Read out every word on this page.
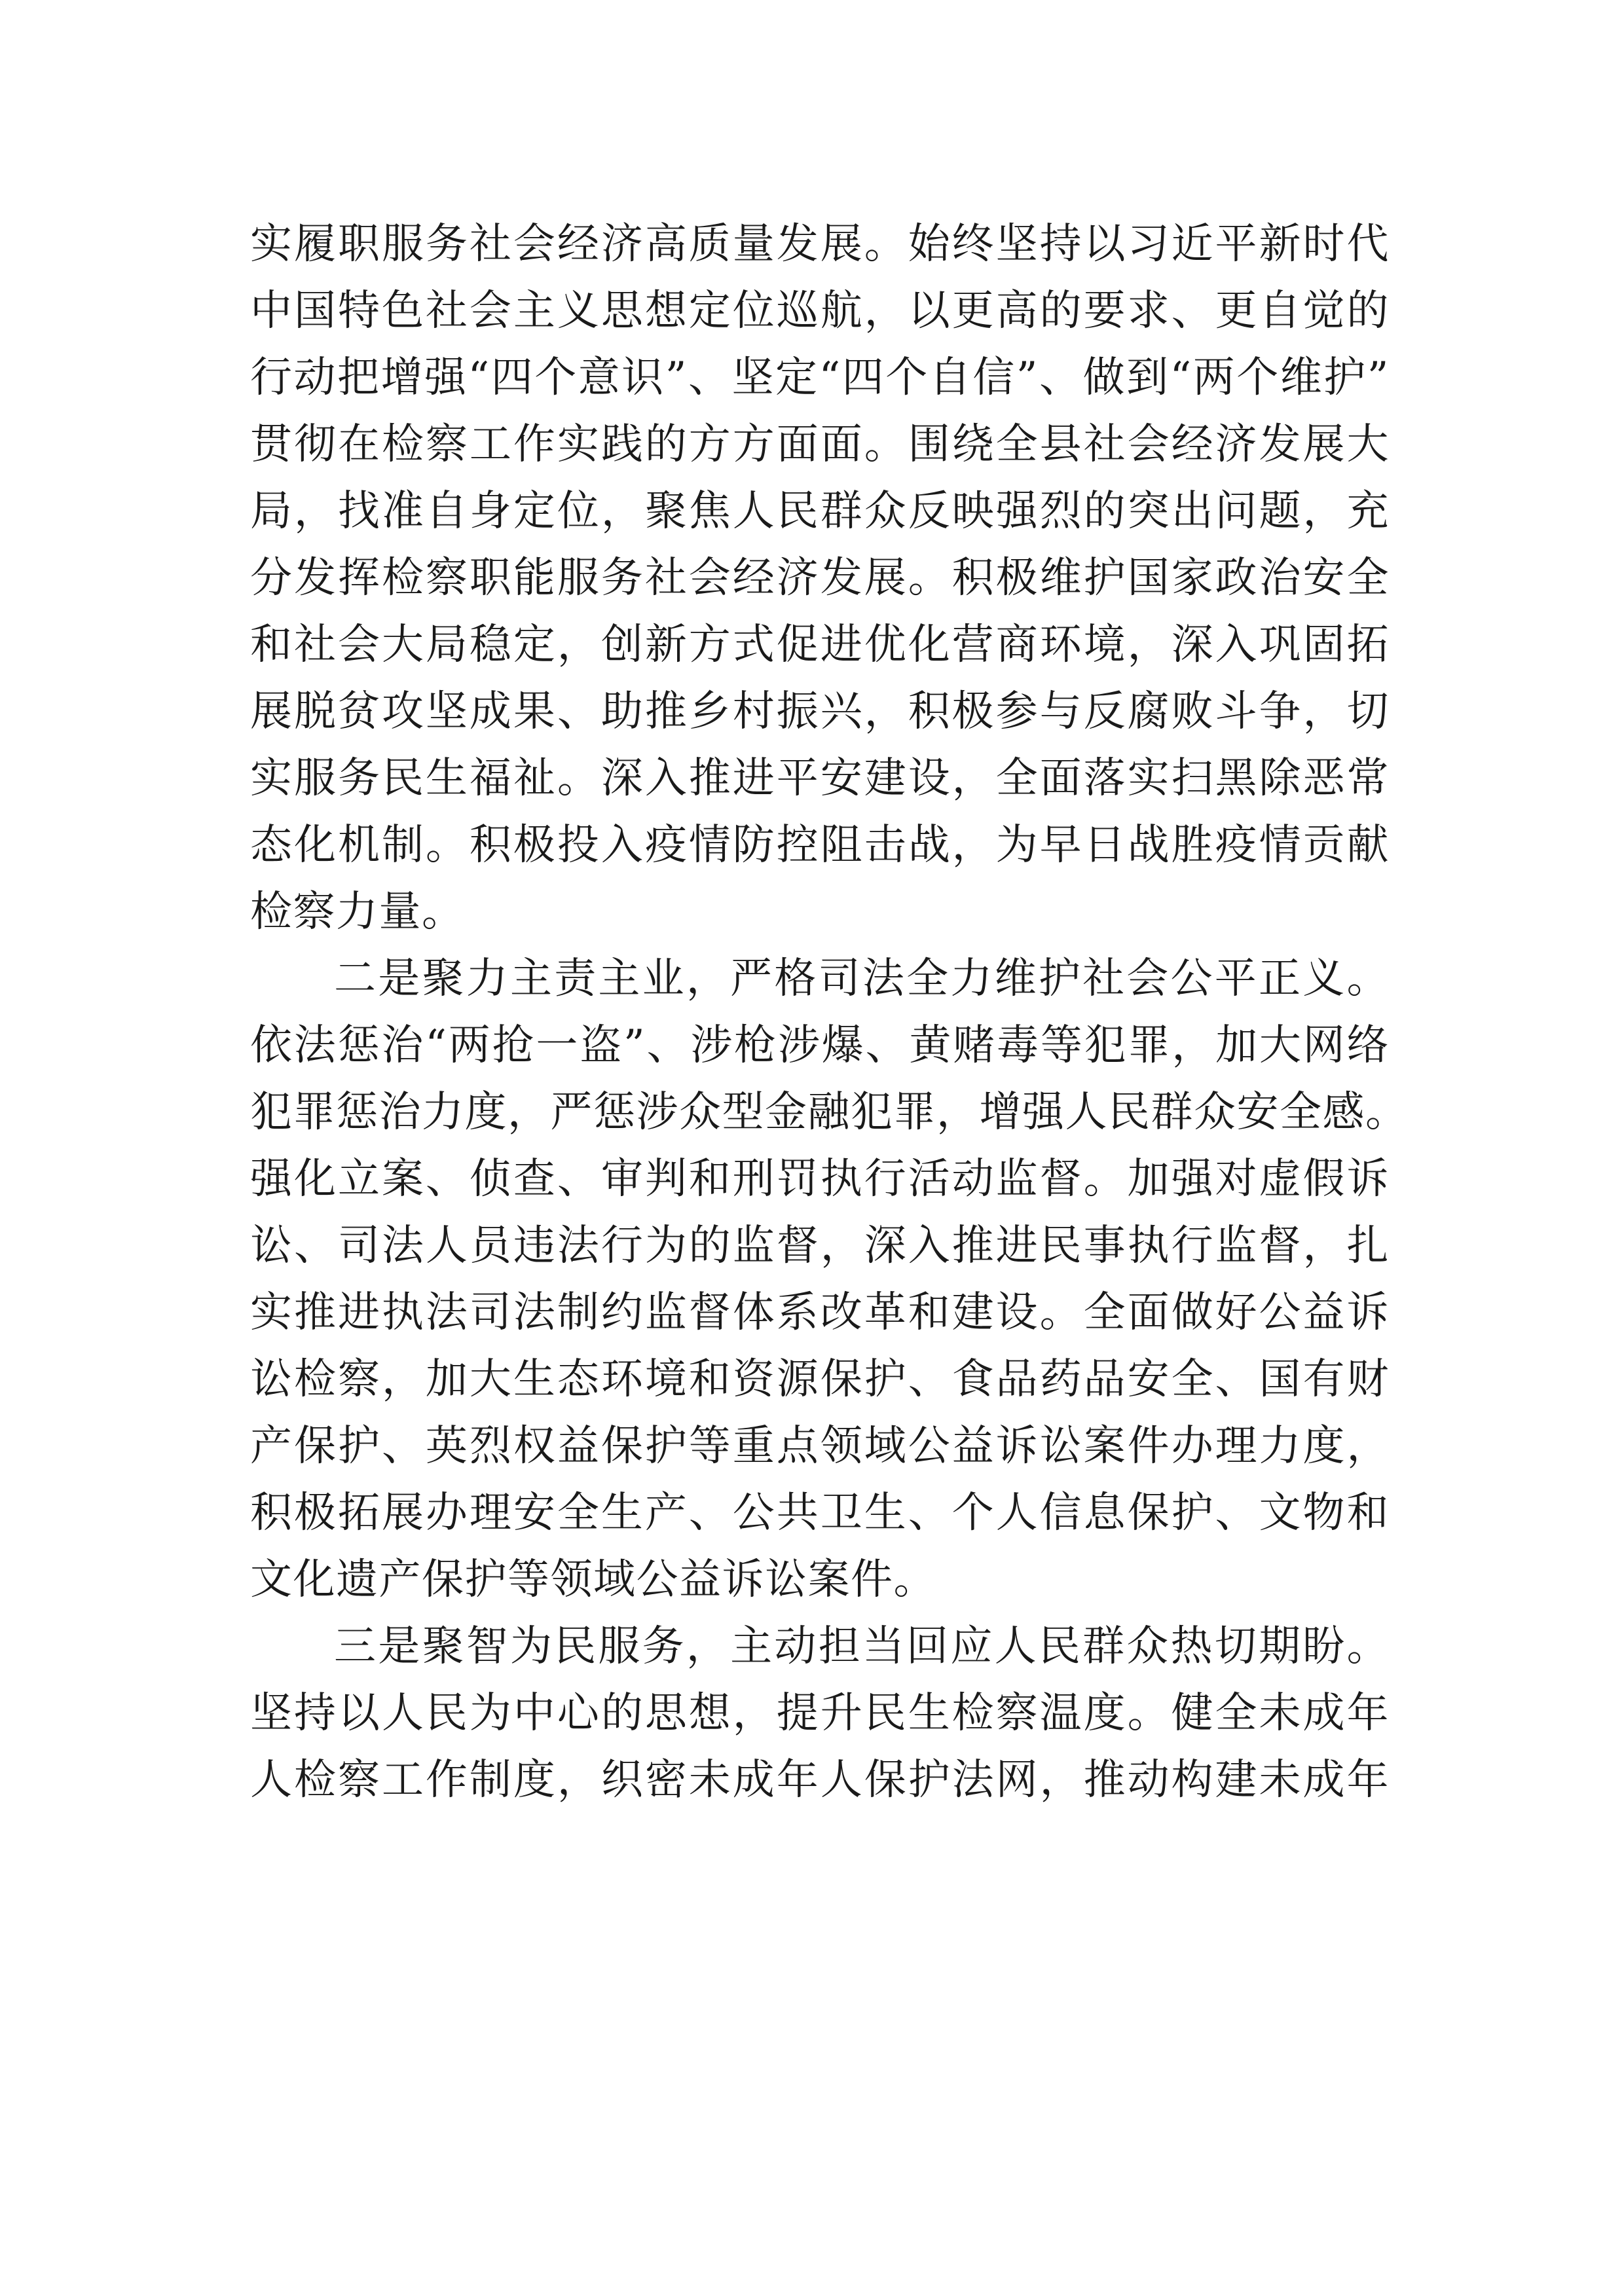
实履职服务社会经济高质量发展。始终坚持以习近平新时代
中国特色社会主义思想定位巡航，以更高的要求、更自觉的
行动把增强“四个意识”、坚定“四个自信”、做到“两个维护”
贯彻在检察工作实践的方方面面。围绕全县社会经济发展大
局，找准自身定位，聚焦人民群众反映强烈的突出问题，充
分发挥检察职能服务社会经济发展。积极维护国家政治安全
和社会大局稳定，创新方式促进优化营商环境，深入巩固拓
展脱贫攻坚成果、助推乡村振兴，积极参与反腐败斗争，切
实服务民生福祉。深入推进平安建设，全面落实扫黑除恶常
态化机制。积极投入疫情防控阻击战，为早日战胜疫情贡献
检察力量。
二是聚力主责主业，严格司法全力维护社会公平正义。
依法惩治“两抢一盗”、涉枪涉爆、黄赌毒等犯罪，加大网络
犯罪惩治力度，严惩涉众型金融犯罪，增强人民群众安全感。
强化立案、侦查、审判和刑罚执行活动监督。加强对虚假诉
讼、司法人员违法行为的监督，深入推进民事执行监督，扎
实推进执法司法制约监督体系改革和建设。全面做好公益诉
讼检察，加大生态环境和资源保护、食品药品安全、国有财
产保护、英烈权益保护等重点领域公益诉讼案件办理力度，
积极拓展办理安全生产、公共卫生、个人信息保护、文物和
文化遗产保护等领域公益诉讼案件。
三是聚智为民服务，主动担当回应人民群众热切期盼。
坚持以人民为中心的思想，提升民生检察温度。健全未成年
人检察工作制度，织密未成年人保护法网，推动构建未成年
